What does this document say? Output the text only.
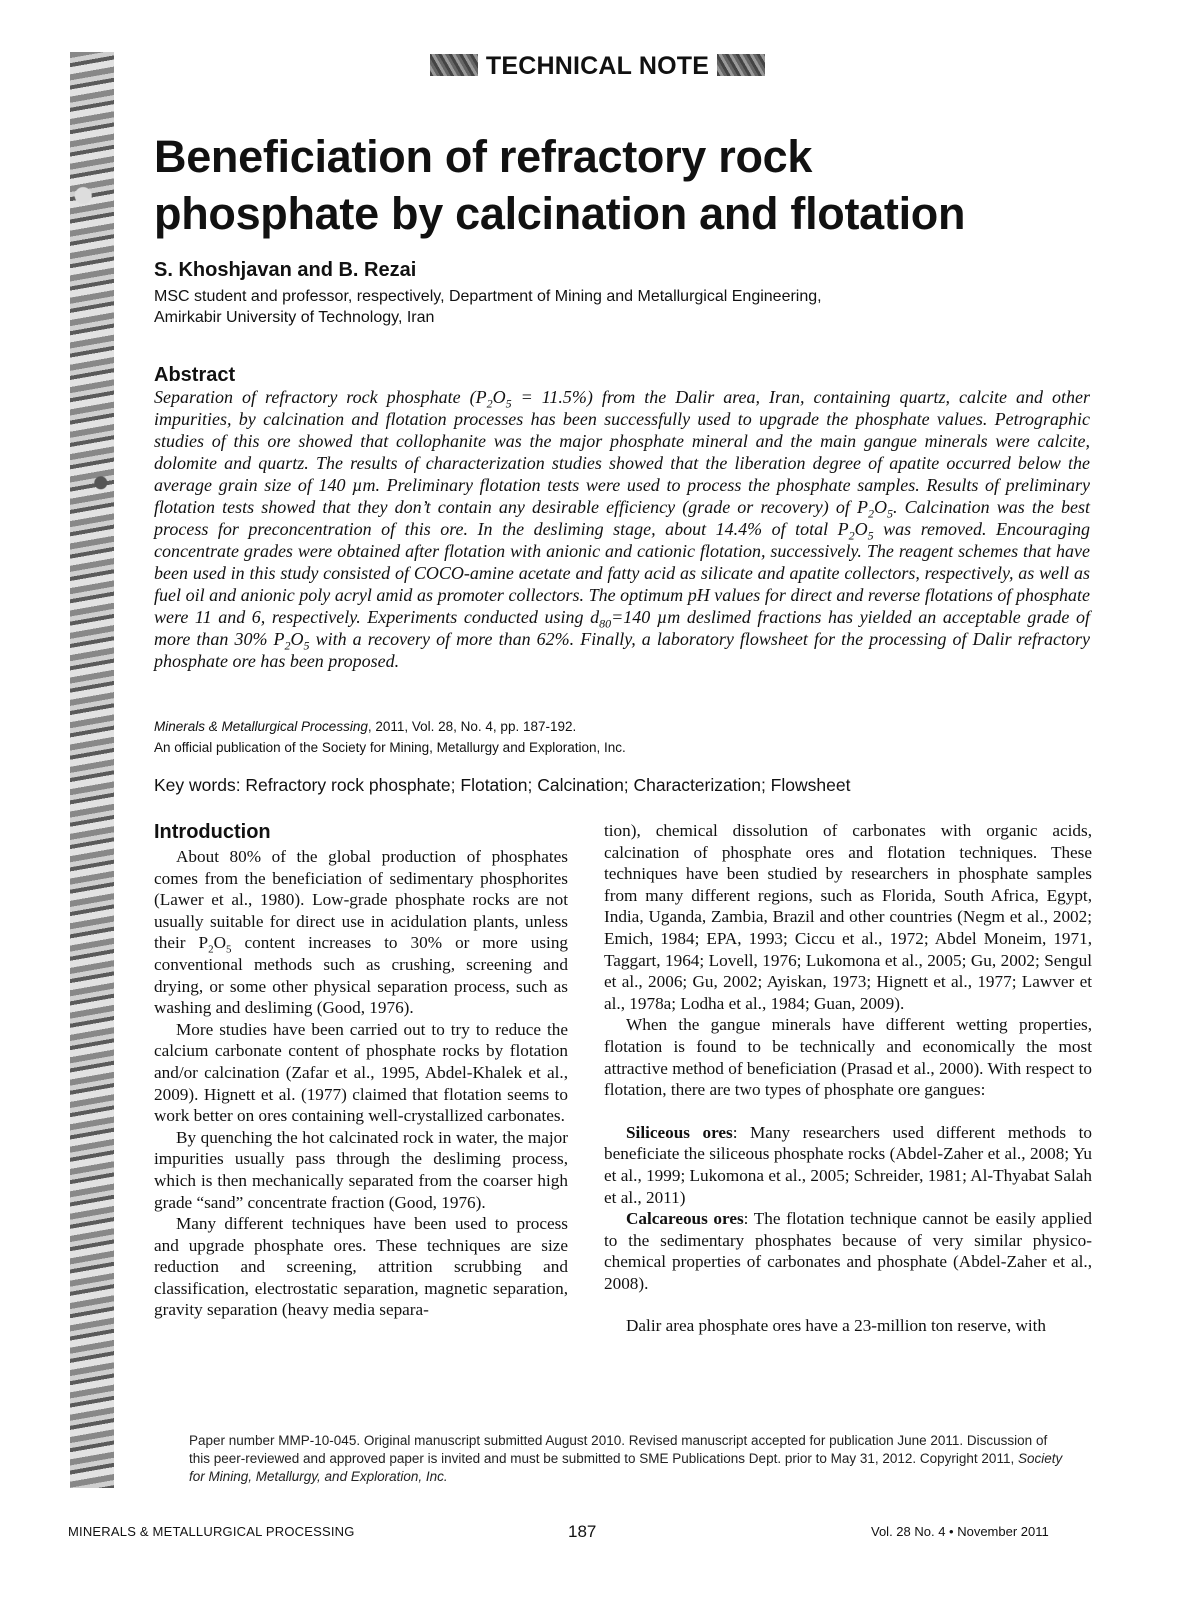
TECHNICAL NOTE
Beneficiation of refractory rock
phosphate by calcination and flotation
S. Khoshjavan and B. Rezai
MSC student and professor, respectively, Department of Mining and Metallurgical Engineering,
Amirkabir University of Technology, Iran
Abstract
Separation of refractory rock phosphate $(P_2O_5 = 11.5\%)$ from the Dalir area, Iran, containing quartz, calcite and other impurities, by calcination and flotation processes has been successfully used to upgrade the phosphate values. Petrographic studies of this ore showed that collophanite was the major phosphate mineral and the main gangue minerals were calcite, dolomite and quartz. The results of characterization studies showed that the liberation degree of apatite occurred below the average grain size of 140 µm. Preliminary flotation tests were used to process the phosphate samples. Results of preliminary flotation tests showed that they don’t contain any desirable efficiency (grade or recovery) of $P_2O_5$. Calcination was the best process for preconcentration of this ore. In the desliming stage, about 14.4% of total $P_2O_5$ was removed. Encouraging concentrate grades were obtained after flotation with anionic and cationic flotation, successively. The reagent schemes that have been used in this study consisted of COCO-amine acetate and fatty acid as silicate and apatite collectors, respectively, as well as fuel oil and anionic poly acryl amid as promoter collectors. The optimum pH values for direct and reverse flotations of phosphate were 11 and 6, respectively. Experiments conducted using $d_{80}=140$ µm deslimed fractions has yielded an acceptable grade of more than 30% $P_2O_5$ with a recovery of more than 62%. Finally, a laboratory flowsheet for the processing of Dalir refractory phosphate ore has been proposed.
Minerals & Metallurgical Processing, 2011, Vol. 28, No. 4, pp. 187-192.
An official publication of the Society for Mining, Metallurgy and Exploration, Inc.
Key words: Refractory rock phosphate; Flotation; Calcination; Characterization; Flowsheet
Introduction

About 80% of the global production of phosphates comes from the beneficiation of sedimentary phosphorites (Lawer et al., 1980). Low-grade phosphate rocks are not usually suitable for direct use in acidulation plants, unless their $P_2O_5$ content increases to 30% or more using conventional methods such as crushing, screening and drying, or some other physical separation process, such as washing and desliming (Good, 1976).

More studies have been carried out to try to reduce the calcium carbonate content of phosphate rocks by flotation and/or calcination (Zafar et al., 1995, Abdel-Khalek et al., 2009). Hignett et al. (1977) claimed that flotation seems to work better on ores containing well-crystallized carbonates.

By quenching the hot calcinated rock in water, the major impurities usually pass through the desliming process, which is then mechanically separated from the coarser high grade “sand” concentrate fraction (Good, 1976).

Many different techniques have been used to process and upgrade phosphate ores. These techniques are size reduction and screening, attrition scrubbing and classification, electrostatic separation, magnetic separation, gravity separation (heavy media separa-

tion), chemical dissolution of carbonates with organic acids, calcination of phosphate ores and flotation techniques. These techniques have been studied by researchers in phosphate samples from many different regions, such as Florida, South Africa, Egypt, India, Uganda, Zambia, Brazil and other countries (Negm et al., 2002; Emich, 1984; EPA, 1993; Ciccu et al., 1972; Abdel Moneim, 1971, Taggart, 1964; Lovell, 1976; Lukomona et al., 2005; Gu, 2002; Sengul et al., 2006; Gu, 2002; Ayiskan, 1973; Hignett et al., 1977; Lawver et al., 1978a; Lodha et al., 1984; Guan, 2009).

When the gangue minerals have different wetting properties, flotation is found to be technically and economically the most attractive method of beneficiation (Prasad et al., 2000). With respect to flotation, there are two types of phosphate ore gangues:

Siliceous ores: Many researchers used different methods to beneficiate the siliceous phosphate rocks (Abdel-Zaher et al., 2008; Yu et al., 1999; Lukomona et al., 2005; Schreider, 1981; Al-Thyabat Salah et al., 2011)

Calcareous ores: The flotation technique cannot be easily applied to the sedimentary phosphates because of very similar physico-chemical properties of carbonates and phosphate (Abdel-Zaher et al., 2008).

Dalir area phosphate ores have a 23-million ton reserve, with

Paper number MMP-10-045. Original manuscript submitted August 2010. Revised manuscript accepted for publication June 2011. Discussion of this peer-reviewed and approved paper is invited and must be submitted to SME Publications Dept. prior to May 31, 2012. Copyright 2011, Society for Mining, Metallurgy, and Exploration, Inc.
MINERALS & METALLURGICAL PROCESSING	187	Vol. 28 No. 4 • November 2011
